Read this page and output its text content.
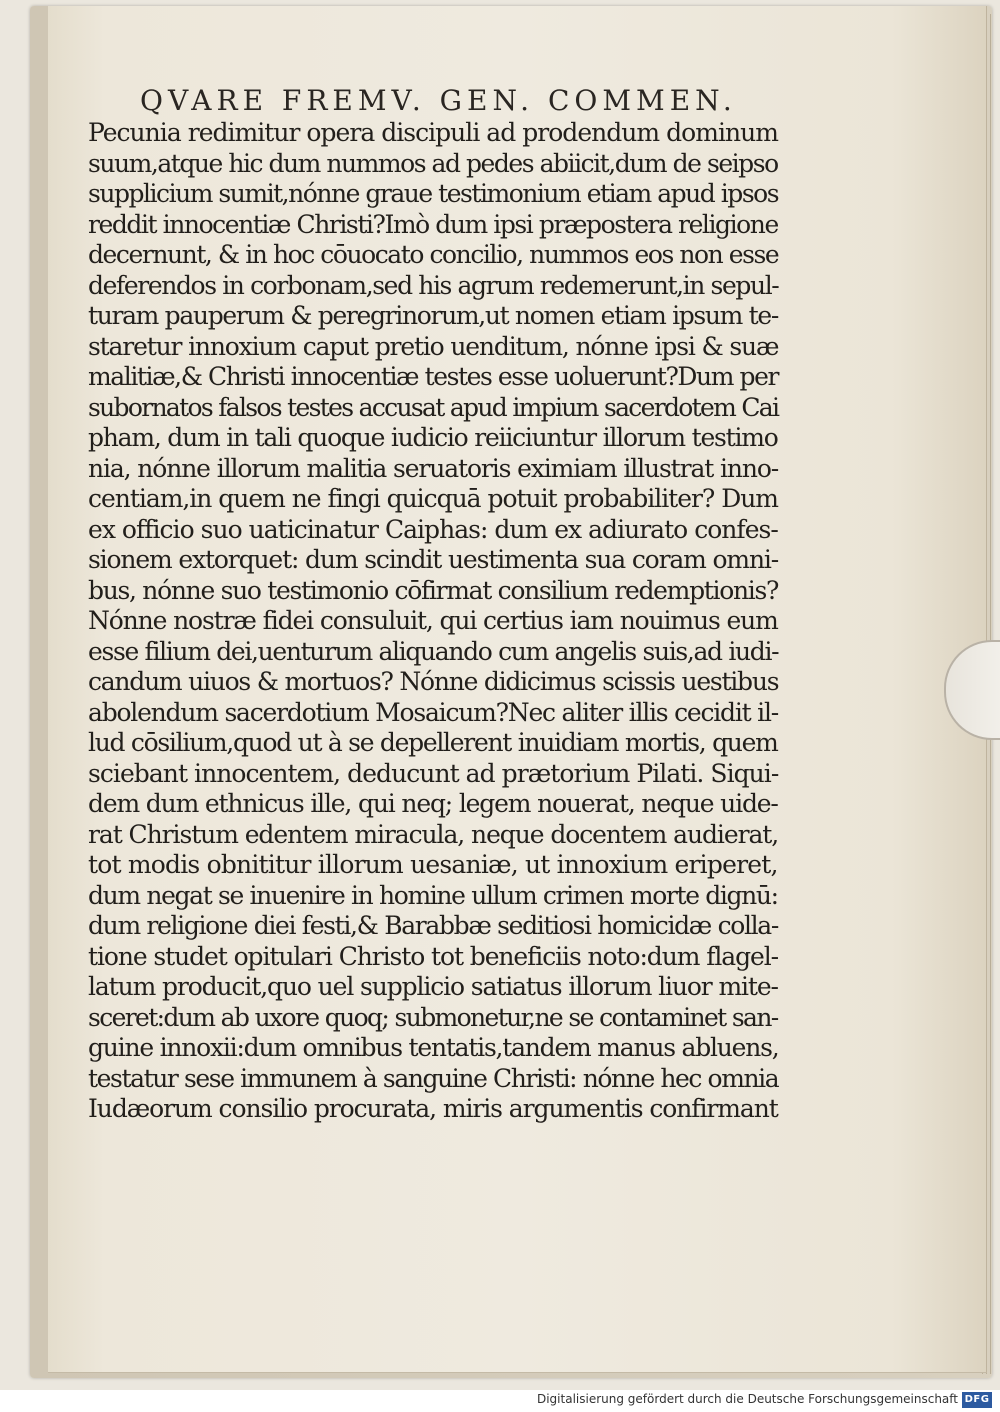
QVARE FREMV. GEN. COMMEN.
Pecunia redimitur opera discipuli ad prodendum dominum
suum,atque hic dum nummos ad pedes abiicit,dum de seipso
supplicium sumit,nónne graue testimonium etiam apud ipsos
reddit innocentiæ Christi?Imò dum ipsi præpostera religione
decernunt, & in hoc cōuocato concilio, nummos eos non esse
deferendos in corbonam,sed his agrum redemerunt,in sepul-
turam pauperum & peregrinorum,ut nomen etiam ipsum te-
staretur innoxium caput pretio uenditum, nónne ipsi & suæ
malitiæ,& Christi innocentiæ testes esse uoluerunt?Dum per
subornatos falsos testes accusat apud impium sacerdotem Cai
pham, dum in tali quoque iudicio reiiciuntur illorum testimo
nia, nónne illorum malitia seruatoris eximiam illustrat inno-
centiam,in quem ne fingi quicquā potuit probabiliter? Dum
ex officio suo uaticinatur Caiphas: dum ex adiurato confes-
sionem extorquet: dum scindit uestimenta sua coram omni-
bus, nónne suo testimonio cōfirmat consilium redemptionis?
Nónne nostræ fidei consuluit, qui certius iam nouimus eum
esse filium dei,uenturum aliquando cum angelis suis,ad iudi-
candum uiuos & mortuos? Nónne didicimus scissis uestibus
abolendum sacerdotium Mosaicum?Nec aliter illis cecidit il-
lud cōsilium,quod ut à se depellerent inuidiam mortis, quem
sciebant innocentem, deducunt ad prætorium Pilati. Siqui-
dem dum ethnicus ille, qui neq; legem nouerat, neque uide-
rat Christum edentem miracula, neque docentem audierat,
tot modis obnititur illorum uesaniæ, ut innoxium eriperet,
dum negat se inuenire in homine ullum crimen morte dignū:
dum religione diei festi,& Barabbæ seditiosi homicidæ colla-
tione studet opitulari Christo tot beneficiis noto:dum flagel-
latum producit,quo uel supplicio satiatus illorum liuor mite-
sceret:dum ab uxore quoq; submonetur,ne se contaminet san-
guine innoxii:dum omnibus tentatis,tandem manus abluens,
testatur sese immunem à sanguine Christi: nónne hec omnia
Iudæorum consilio procurata, miris argumentis confirmant
Digitalisierung gefördert durch die Deutsche Forschungsgemeinschaft DFG
